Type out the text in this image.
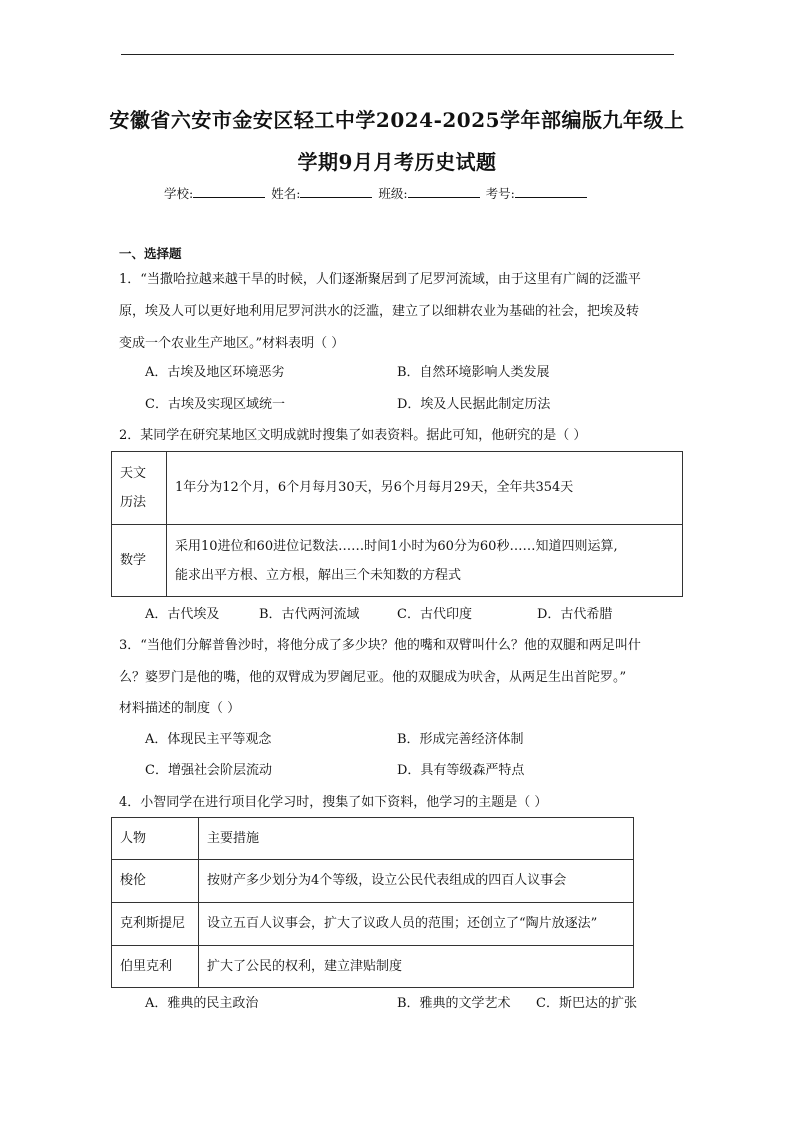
安徽省六安市金安区轻工中学2024-2025学年部编版九年级上
学期9月月考历史试题
学校:	姓名:	班级:	考号:
一、选择题
1．“当撒哈拉越来越干旱的时候，人们逐渐聚居到了尼罗河流域，由于这里有广阔的泛滥平
原，埃及人可以更好地利用尼罗河洪水的泛滥，建立了以细耕农业为基础的社会，把埃及转
变成一个农业生产地区。”材料表明（ ）
A．古埃及地区环境恶劣	B．自然环境影响人类发展
C．古埃及实现区域统一	D．埃及人民据此制定历法
2．某同学在研究某地区文明成就时搜集了如表资料。据此可知，他研究的是（ ）
天文
历法	1年分为12个月，6个月每月30天，另6个月每月29天，全年共354天
数学	采用10进位和60进位记数法……时间1小时为60分为60秒……知道四则运算,
能求出平方根、立方根，解出三个未知数的方程式
A．古代埃及	B．古代两河流域	C．古代印度	D．古代希腊
3．“当他们分解普鲁沙时，将他分成了多少块？他的嘴和双臂叫什么？他的双腿和两足叫什
么？婆罗门是他的嘴，他的双臂成为罗阇尼亚。他的双腿成为吠舍，从两足生出首陀罗。”
材料描述的制度（ ）
A．体现民主平等观念	B．形成完善经济体制
C．增强社会阶层流动	D．具有等级森严特点
4．小智同学在进行项目化学习时，搜集了如下资料，他学习的主题是（ ）
人物	主要措施
梭伦	按财产多少划分为4个等级，设立公民代表组成的四百人议事会
克利斯提尼	设立五百人议事会，扩大了议政人员的范围；还创立了“陶片放逐法”
伯里克利	扩大了公民的权利，建立津贴制度
A．雅典的民主政治	B．雅典的文学艺术 C．斯巴达的扩张
